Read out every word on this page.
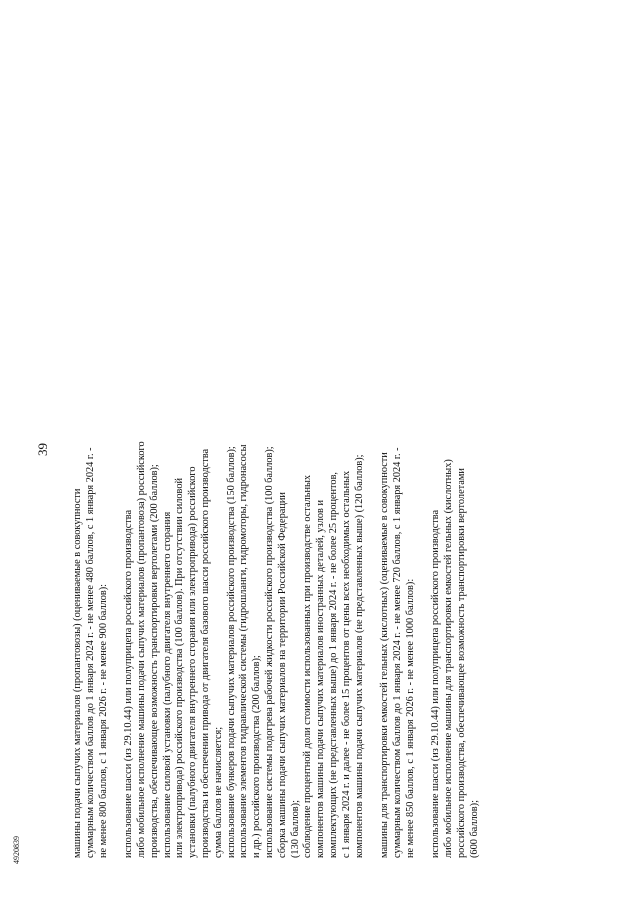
39
4920839	машины подачи сыпучих материалов (пропантовозы) (оцениваемые в совокупности суммарным количеством баллов до 1 января 2024 г. - не менее 480 баллов, с 1 января 2024 г. - не менее 800 баллов, с 1 января 2026 г. - не менее 900 баллов): использование шасси (из 29.10.44) или полуприцепа российского производства либо мобильное исполнение машины подачи сыпучих материалов (пропантовоза) российского производства, обеспечивающее возможность транспортировки вертолетами (200 баллов); использование силовой установки (палубного двигателя внутреннего сгорания или электропривода) российского производства (100 баллов). При отсутствии силовой установки (палубного двигателя внутреннего сгорания или электропривода) российского производства и обеспечении привода от двигателя базового шасси российского производства сумма баллов не начисляется; использование бункеров подачи сыпучих материалов российского производства (150 баллов); использование элементов гидравлической системы (гидрошланги, гидромоторы, гидронасосы и др.) российского производства (200 баллов); использование системы подогрева рабочей жидкости российского производства (100 баллов); сборка машины подачи сыпучих материалов на территории Российской Федерации (130 баллов); соблюдение процентной доли стоимости использованных при производстве остальных компонентов машины подачи сыпучих материалов иностранных деталей, узлов и комплектующих (не представленных выше) до 1 января 2024 г. - не более 25 процентов, с 1 января 2024 г. и далее - не более 15 процентов от цены всех необходимых остальных компонентов машины подачи сыпучих материалов (не представленных выше) (120 баллов); машины для транспортировки емкостей гельных (кислотных) (оцениваемые в совокупности суммарным количеством баллов до 1 января 2024 г. - не менее 720 баллов, с 1 января 2024 г. - не менее 850 баллов, с 1 января 2026 г. - не менее 1000 баллов): использование шасси (из 29.10.44) или полуприцепа российского производства либо мобильное исполнение машины для транспортировки емкостей гельных (кислотных) российского производства, обеспечивающее возможность транспортировки вертолетами (600 баллов);
